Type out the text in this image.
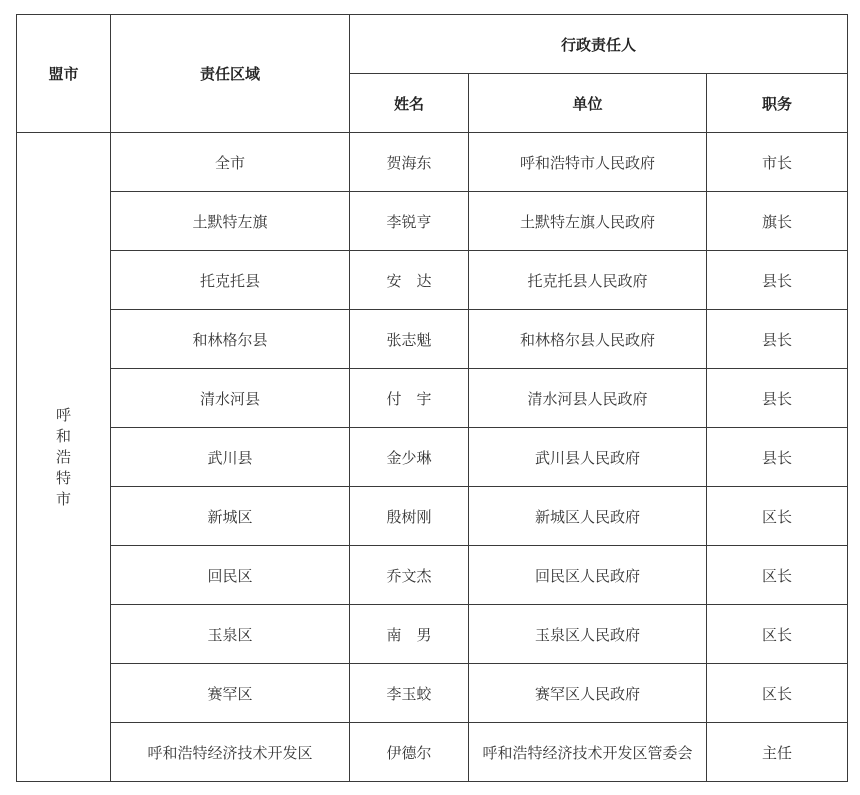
盟市	责任区域	行政责任人		
		姓名	单位	职务
呼和浩特市	全市	贺海东	呼和浩特市人民政府	市长
	土默特左旗	李锐亨	土默特左旗人民政府	旗长
	托克托县	安　达	托克托县人民政府	县长
	和林格尔县	张志魁	和林格尔县人民政府	县长
	清水河县	付　宇	清水河县人民政府	县长
	武川县	金少琳	武川县人民政府	县长
	新城区	殷树刚	新城区人民政府	区长
	回民区	乔文杰	回民区人民政府	区长
	玉泉区	南　男	玉泉区人民政府	区长
	赛罕区	李玉蛟	赛罕区人民政府	区长
	呼和浩特经济技术开发区	伊德尔	呼和浩特经济技术开发区管委会	主任
